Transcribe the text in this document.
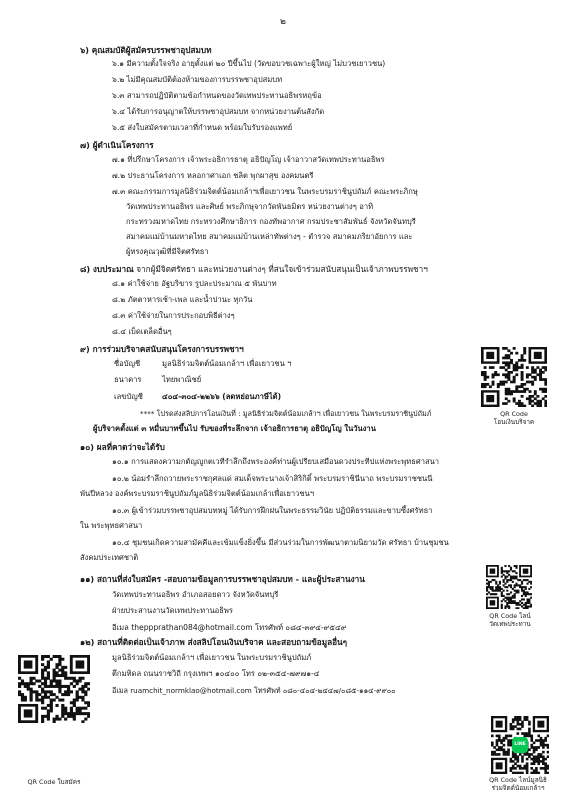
๒
๖) คุณสมบัติผู้สมัครบรรพชาอุปสมบท
๖.๑ มีความตั้งใจจริง อายุตั้งแต่ ๒๐ ปีขึ้นไป (วัดขอบวชเฉพาะผู้ใหญ่ ไม่บวชเยาวชน)
๖.๒ ไม่มีคุณสมบัติต้องห้ามของการบรรพชาอุปสมบท
๖.๓ สามารถปฏิบัติตามข้อกำหนดของวัดเทพประทานอธิพรหฤข้อ
๖.๔ ได้รับการอนุญาตให้บรรพชาอุปสมบท จากหน่วยงานต้นสังกัด
๖.๕ ส่งใบสมัครตามเวลาที่กำหนด พร้อมใบรับรองแพทย์
๗) ผู้ดำเนินโครงการ
๗.๑ ที่ปรึกษาโครงการ เจ้าพระอธิการธาตุ อธิปัญโญ เจ้าอาวาสวัดเทพประทานอธิพร
๗.๒ ประธานโครงการ หลอกาศาเอก ชลิต พุกผาสุข องคมนตรี
๗.๓ คณะกรรมการมูลนิธิร่วมจิตต์น้อมเกล้าฯเพื่อเยาวชน ในพระบรมราชินูปถัมภ์ คณะพระภิกษุ
วัดเทพประทานอธิพร และศิษย์ พระภิกษุจากวัดพันธมิตร หน่วยงานต่างๆ อาทิ
กระทรวงมหาดไทย กระทรวงศึกษาธิการ กองทัพอากาศ กรมประชาสัมพันธ์ จังหวัดจันทบุรี
สมาคมแม่บ้านมหาดไทย สมาคมแม่บ้านเหล่าทัพต่างๆ - ตำรวจ สมาคมภริยาอัยการ และ
ผู้ทรงคุณวุฒิที่มีจิตศรัทธา
๘) งบประมาณ จากผู้มีจิตศรัทธา และหน่วยงานต่างๆ ที่สนใจเข้าร่วมสนับสนุนเป็นเจ้าภาพบรรพชาฯ
๘.๑ ค่าใช้จ่าย อัฐบริขาร รูปละประมาณ ๕ พันบาท
๘.๒ ภัตตาหารเช้า-เพล และน้ำปานะ ทุกวัน
๘.๓ ค่าใช้จ่ายในการประกอบพิธีต่างๆ
๘.๔ เบ็ดเตล็ดอื่นๆ
๙) การร่วมบริจาคสนับสนุนโครงการบรรพชาฯ
ชื่อบัญชี	มูลนิธิร่วมจิตต์น้อมเกล้าฯ เพื่อเยาวชน ฯ
ธนาคาร	ไทยพาณิชย์
เลขบัญชี	๔๐๔-๓๐๔-๒๒๖๖ (ลดหย่อนภาษีได้)
**** โปรดส่งสลิปการโอนเงินที่ : มูลนิธิร่วมจิตต์น้อมเกล้าฯ เพื่อเยาวชน ในพระบรมราชินูปถัมภ์
ผู้บริจาคตั้งแต่ ๓ หมื่นบาทขึ้นไป รับของที่ระลึกจาก เจ้าอธิการธาตุ อธิปัญโญ ในวันงาน
QR Code
โอนเงินบริจาค
๑๐) ผลที่คาดว่าจะได้รับ
๑๐.๑ การแสดงความกตัญญูกตเวทีรำลึกถึงพระองค์ท่านผู้เปรียบเสมือนดวงประทีปแห่งพระพุทธศาสนา
๑๐.๒ น้อมรำลึกถวายพระราชกุศลแด่ สมเด็จพระนางเจ้าสิริกิติ์ พระบรมราชินีนาถ พระบรมราชชนนี
พันปีหลวง องค์พระบรมราชินูปถัมภ์มูลนิธิร่วมจิตต์น้อมเกล้าเพื่อเยาวชนฯ
๑๐.๓ ผู้เข้าร่วมบรรพชาอุปสมบทหมู่ ได้รับการฝึกฝนในพระธรรมวินัย ปฏิบัติธรรมและขาบซึ้งศรัทธา
ใน พระพุทธศาสนา
๑๐.๔ ชุมชนเกิดความสามัคคีและเข้มแข็งยิ่งขึ้น มีส่วนร่วมในการพัฒนาตามนิยามวัด ศรัทธา บ้านชุมชน
สังคมประเทศชาติ
QR Code ไลน์
วัดเทพประทาน
๑๑) สถานที่ส่งใบสมัคร -สอบถามข้อมูลการบรรพชาอุปสมบท - และผู้ประสานงาน
วัดเทพประทานอธิพร อำเภอสอยดาว จังหวัดจันทบุรี
ฝ่ายประสานงานวัดเทพประทานอธิพร
อีเมล theppprathan084@hotmail.com โทรศัพท์ ๐๘๔-๓๙๔-๙๕๔๙
QR Code ใบสมัคร
๑๒) สถานที่ติดต่อเป็นเจ้าภาพ ส่งสลิปโอนเงินบริจาค และสอบถามข้อมูลอื่นๆ
มูลนิธิร่วมจิตต์น้อมเกล้าฯ เพื่อเยาวชน ในพระบรมราชินูปถัมภ์
ตึกมหิดล ถนนราชวิถี กรุงเทพฯ ๑๐๔๐๐ โทร ๐๒-๓๕๔-๗๙๗๑-๔
อีเมล ruamchit_normklao@hotmail.com โทรศัพท์ ๐๘๐-๔๐๔-๒๔๔๗/๐๘๕-๑๑๔-๙๙๐๐
LINE
QR Code ไลน์มูลนิธิ
ร่วมจิตต์น้อมเกล้าฯ
